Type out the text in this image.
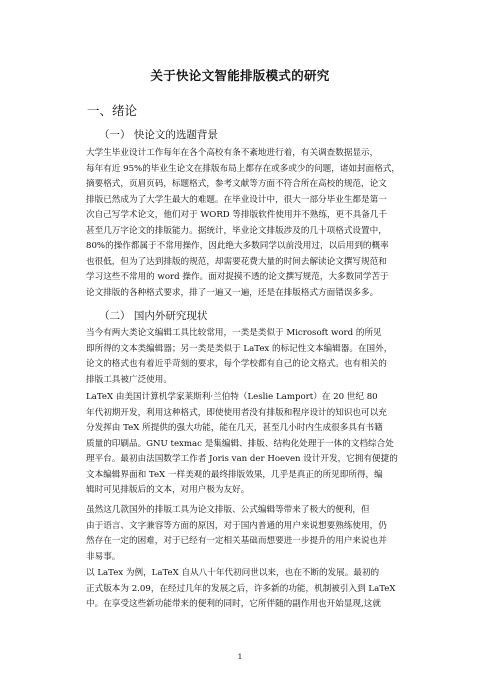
关于快论文智能排版模式的研究
一、绪论
（一） 快论文的选题背景
大学生毕业设计工作每年在各个高校有条不紊地进行着，有关调查数据显示，
每年有近 95%的毕业生论文在排版布局上都存在或多或少的问题，诸如封面格式，
摘要格式，页眉页码，标题格式，参考文献等方面不符合所在高校的规范，论文
排版已然成为了大学生最大的难题。在毕业设计中，很大一部分毕业生都是第一
次自己写学术论文，他们对于 WORD 等排版软件使用并不熟练，更不具备几千
甚至几万字论文的排版能力。据统计，毕业论文排版涉及的几十项格式设置中，
80%的操作都属于不常用操作，因此绝大多数同学以前没用过，以后用到的概率
也很低，但为了达到排版的规范，却需要花费大量的时间去解读论文撰写规范和
学习这些不常用的 word 操作。面对捉摸不透的论文撰写规范，大多数同学苦于
论文排版的各种格式要求，排了一遍又一遍，还是在排版格式方面错误多多。
（二） 国内外研究现状
当今有两大类论文编辑工具比较常用，一类是类似于 Microsoft word 的所见
即所得的文本类编辑器；另一类是类似于 LaTex 的标记性文本编辑器。在国外，
论文的格式也有着近乎苛刻的要求，每个学校都有自己的论文格式。也有相关的
排版工具被广泛使用。
LaTeX 由美国计算机学家莱斯利·兰伯特（Leslie Lamport）在 20 世纪 80
年代初期开发，利用这种格式，即使使用者没有排版和程序设计的知识也可以充
分发挥由 TeX 所提供的强大功能，能在几天，甚至几小时内生成很多具有书籍
质量的印刷品。GNU texmac 是集编辑、排版、结构化处理于一体的文档综合处
理平台。最初由法国数学工作者 Joris van der Hoeven 设计开发，它拥有便捷的
文本编辑界面和 TeX 一样美观的最终排版效果，几乎是真正的所见即所得，编
辑时可见排版后的文本，对用户极为友好。
虽然这几款国外的排版工具为论文排版、公式编辑等带来了极大的便利，但
由于语言、文字兼容等方面的原因，对于国内普通的用户来说想要熟练使用，仍
然存在一定的困难，对于已经有一定相关基础而想要进一步提升的用户来说也并
非易事。
以 LaTex 为例，LaTeX 自从八十年代初问世以来，也在不断的发展。最初的
正式版本为 2.09，在经过几年的发展之后，许多新的功能，机制被引入到 LaTeX
中。在享受这些新功能带来的便利的同时，它所伴随的副作用也开始显现,这就
1
